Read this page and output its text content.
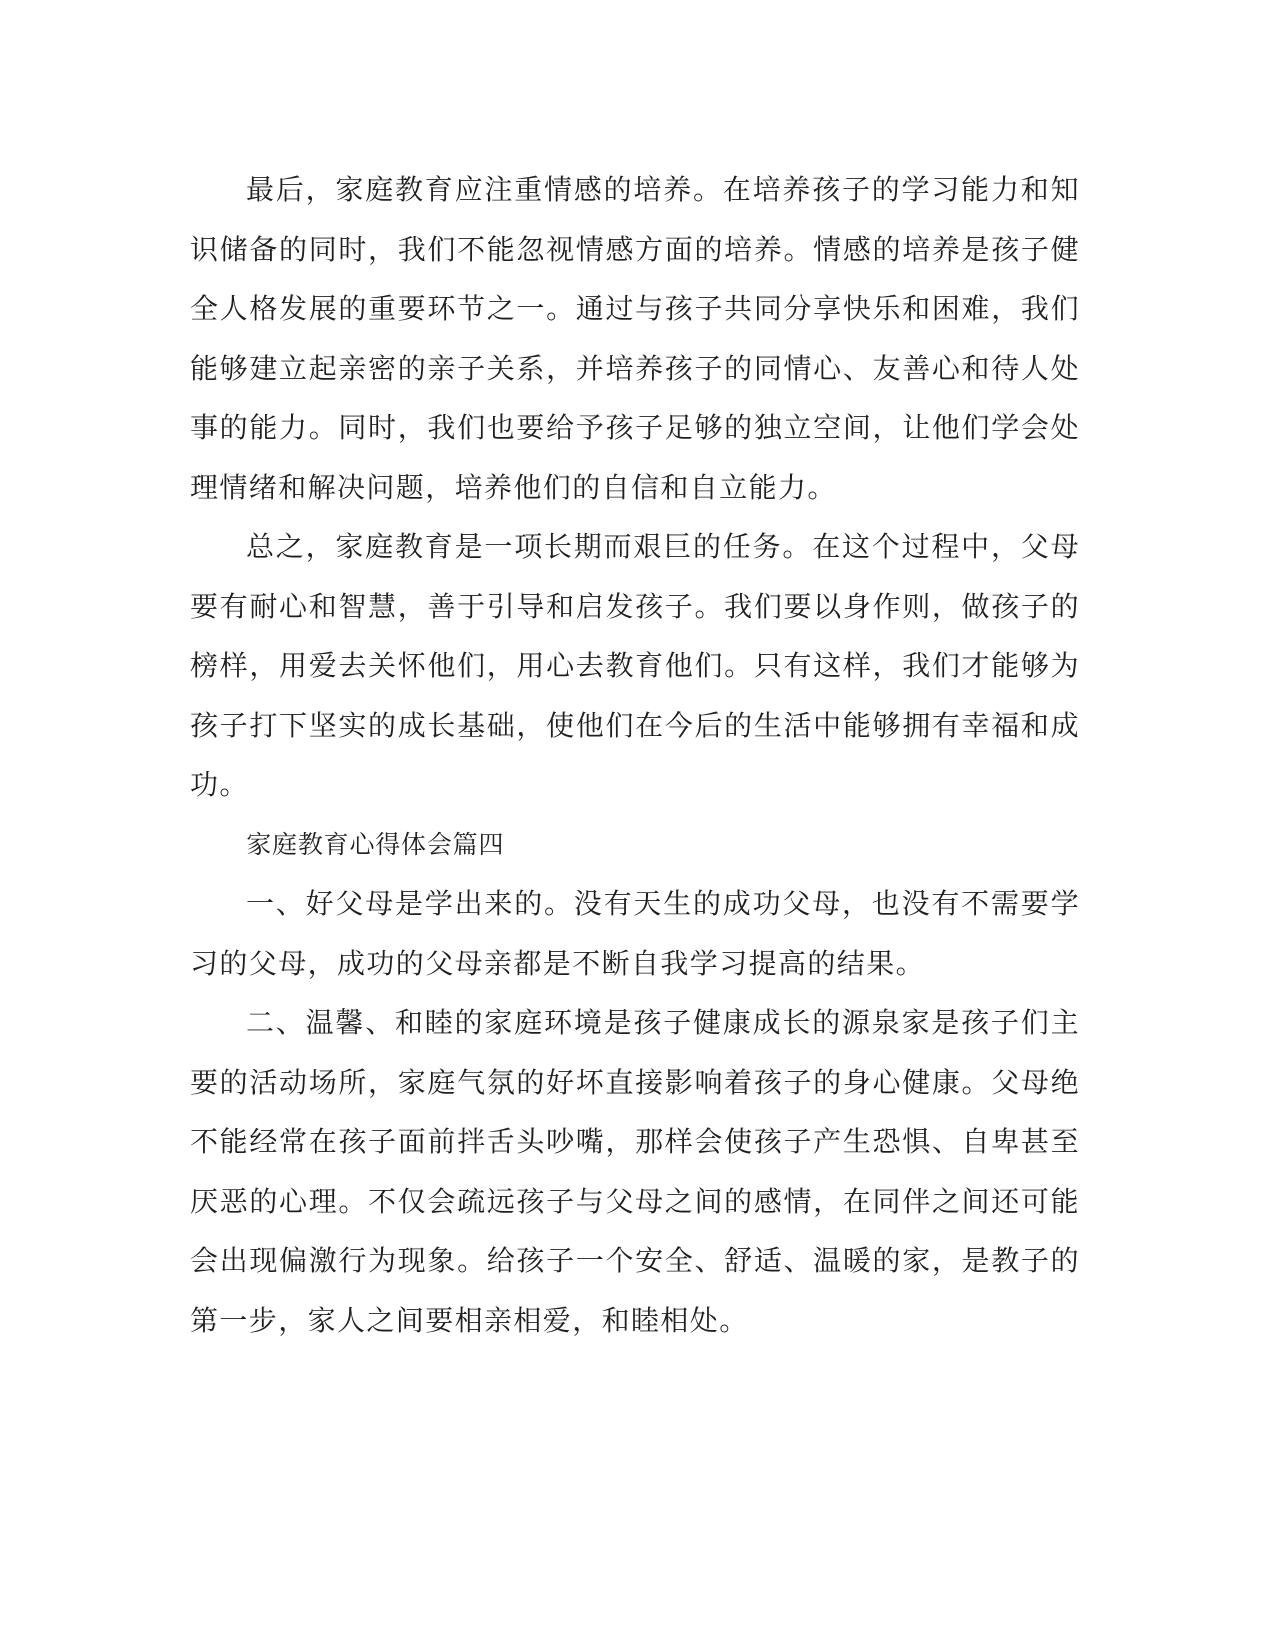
最后，家庭教育应注重情感的培养。在培养孩子的学习能力和知识储备的同时，我们不能忽视情感方面的培养。情感的培养是孩子健全人格发展的重要环节之一。通过与孩子共同分享快乐和困难，我们能够建立起亲密的亲子关系，并培养孩子的同情心、友善心和待人处事的能力。同时，我们也要给予孩子足够的独立空间，让他们学会处理情绪和解决问题，培养他们的自信和自立能力。

总之，家庭教育是一项长期而艰巨的任务。在这个过程中，父母要有耐心和智慧，善于引导和启发孩子。我们要以身作则，做孩子的榜样，用爱去关怀他们，用心去教育他们。只有这样，我们才能够为孩子打下坚实的成长基础，使他们在今后的生活中能够拥有幸福和成功。

家庭教育心得体会篇四

一、好父母是学出来的。没有天生的成功父母，也没有不需要学习的父母，成功的父母亲都是不断自我学习提高的结果。

二、温馨、和睦的家庭环境是孩子健康成长的源泉家是孩子们主要的活动场所，家庭气氛的好坏直接影响着孩子的身心健康。父母绝不能经常在孩子面前拌舌头吵嘴，那样会使孩子产生恐惧、自卑甚至厌恶的心理。不仅会疏远孩子与父母之间的感情，在同伴之间还可能会出现偏激行为现象。给孩子一个安全、舒适、温暖的家，是教子的第一步，家人之间要相亲相爱，和睦相处。
